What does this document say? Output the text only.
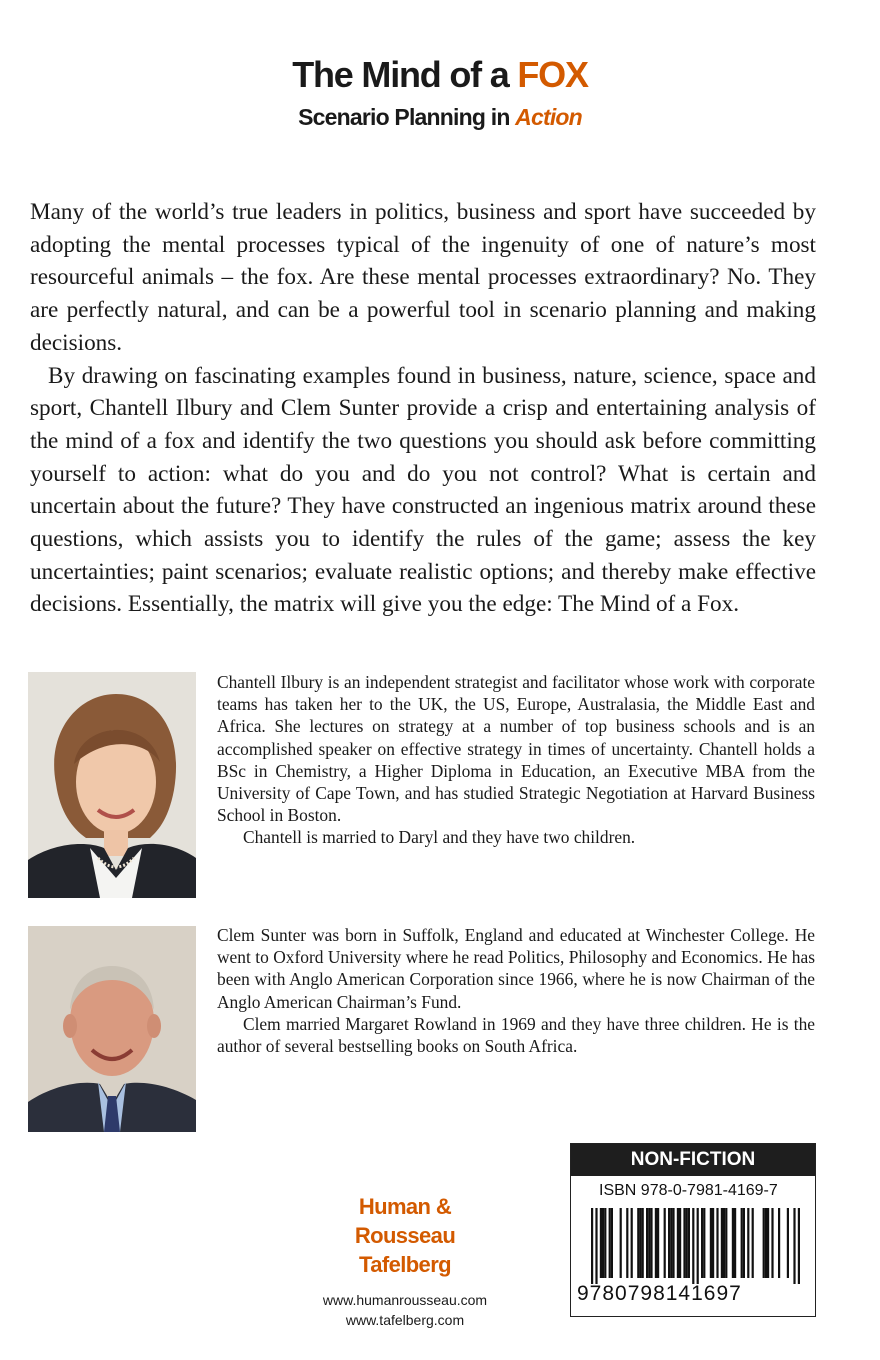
The Mind of a FOX
Scenario Planning in Action

Many of the world’s true leaders in politics, business and sport have succeeded by adopting the mental processes typical of the ingenuity of one of nature’s most resourceful animals – the fox. Are these mental processes extraordinary? No. They are perfectly natural, and can be a powerful tool in scenario planning and making decisions.

By drawing on fascinating examples found in business, nature, science, space and sport, Chantell Ilbury and Clem Sunter provide a crisp and entertaining analysis of the mind of a fox and identify the two questions you should ask before committing yourself to action: what do you and do you not control? What is certain and uncertain about the future? They have constructed an ingenious matrix around these questions, which assists you to identify the rules of the game; assess the key uncertainties; paint scenarios; evaluate realistic options; and thereby make effective decisions. Essentially, the matrix will give you the edge: The Mind of a Fox.

Chantell Ilbury is an independent strategist and facilitator whose work with corporate teams has taken her to the UK, the US, Europe, Australasia, the Middle East and Africa. She lectures on strategy at a number of top business schools and is an accomplished speaker on effective strategy in times of uncertainty. Chantell holds a BSc in Chemistry, a Higher Diploma in Education, an Executive MBA from the University of Cape Town, and has studied Strategic Negotiation at Harvard Business School in Boston.

Chantell is married to Daryl and they have two children.

Clem Sunter was born in Suffolk, England and educated at Winchester College. He went to Oxford University where he read Politics, Philosophy and Economics. He has been with Anglo American Corporation since 1966, where he is now Chairman of the Anglo American Chairman’s Fund.

Clem married Margaret Rowland in 1969 and they have three children. He is the author of several bestselling books on South Africa.

Human &
Rousseau
Tafelberg
www.humanrousseau.com
www.tafelberg.com
NON-FICTION
ISBN 978-0-7981-4169-7
9780798141697
